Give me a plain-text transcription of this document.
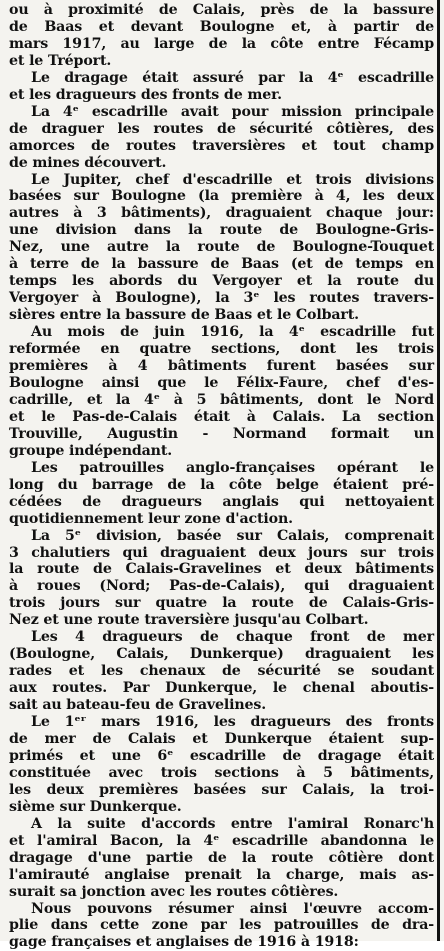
ou à proximité de Calais, près de la bassure
de Baas et devant Boulogne et, à partir de
mars 1917, au large de la côte entre Fécamp
et le Tréport.
Le dragage était assuré par la 4ᵉ escadrille
et les dragueurs des fronts de mer.
La 4ᵉ escadrille avait pour mission principale
de draguer les routes de sécurité côtières, des
amorces de routes traversières et tout champ
de mines découvert.
Le Jupiter, chef d'escadrille et trois divisions
basées sur Boulogne (la première à 4, les deux
autres à 3 bâtiments), draguaient chaque jour:
une division dans la route de Boulogne-Gris-
Nez, une autre la route de Boulogne-Touquet
à terre de la bassure de Baas (et de temps en
temps les abords du Vergoyer et la route du
Vergoyer à Boulogne), la 3ᵉ les routes travers-
sières entre la bassure de Baas et le Colbart.
Au mois de juin 1916, la 4ᵉ escadrille fut
reformée en quatre sections, dont les trois
premières à 4 bâtiments furent basées sur
Boulogne ainsi que le Félix-Faure, chef d'es-
cadrille, et la 4ᵉ à 5 bâtiments, dont le Nord
et le Pas-de-Calais était à Calais. La section
Trouville, Augustin - Normand formait un
groupe indépendant.
Les patrouilles anglo-françaises opérant le
long du barrage de la côte belge étaient pré-
cédées de dragueurs anglais qui nettoyaient
quotidiennement leur zone d'action.
La 5ᵉ division, basée sur Calais, comprenait
3 chalutiers qui draguaient deux jours sur trois
la route de Calais-Gravelines et deux bâtiments
à roues (Nord; Pas-de-Calais), qui draguaient
trois jours sur quatre la route de Calais-Gris-
Nez et une route traversière jusqu'au Colbart.
Les 4 dragueurs de chaque front de mer
(Boulogne, Calais, Dunkerque) draguaient les
rades et les chenaux de sécurité se soudant
aux routes. Par Dunkerque, le chenal aboutis-
sait au bateau-feu de Gravelines.
Le 1ᵉʳ mars 1916, les dragueurs des fronts
de mer de Calais et Dunkerque étaient sup-
primés et une 6ᵉ escadrille de dragage était
constituée avec trois sections à 5 bâtiments,
les deux premières basées sur Calais, la troi-
sième sur Dunkerque.
A la suite d'accords entre l'amiral Ronarc'h
et l'amiral Bacon, la 4ᵉ escadrille abandonna le
dragage d'une partie de la route côtière dont
l'amirauté anglaise prenait la charge, mais as-
surait sa jonction avec les routes côtières.
Nous pouvons résumer ainsi l'œuvre accom-
plie dans cette zone par les patrouilles de dra-
gage françaises et anglaises de 1916 à 1918:
